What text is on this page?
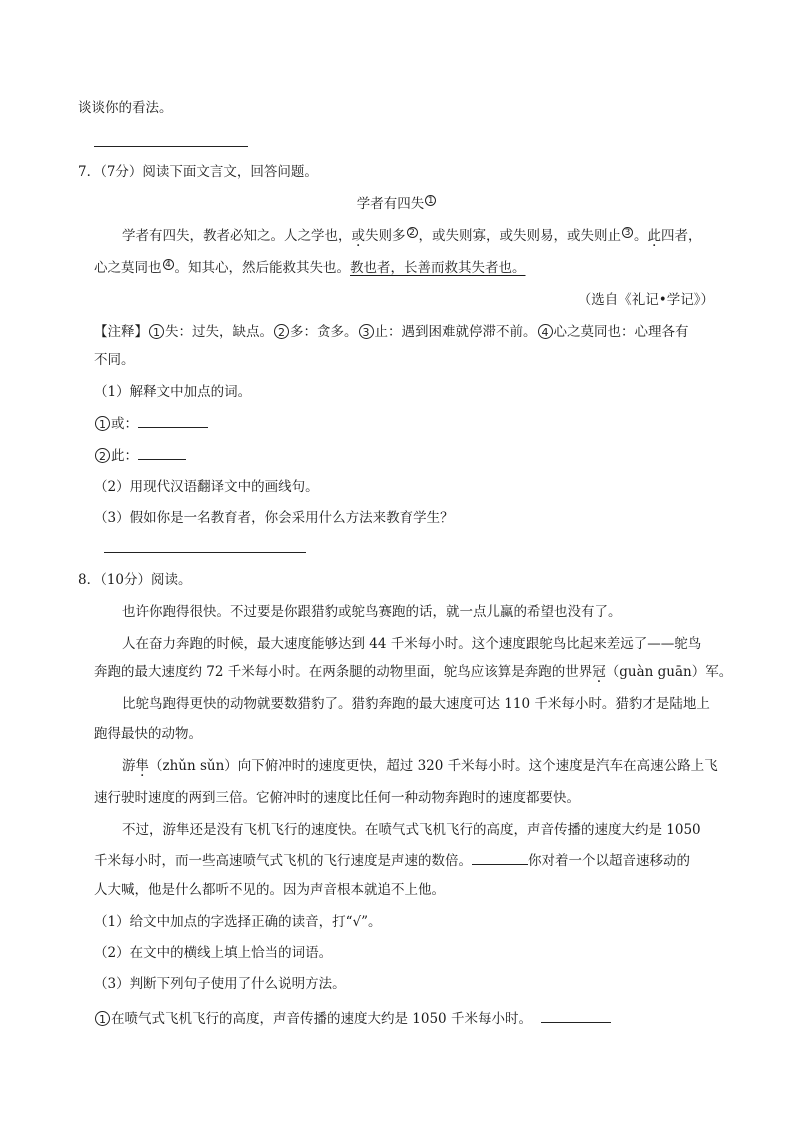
谈谈你的看法。
7．（7分）阅读下面文言文，回答问题。
学者有四失 1
学者有四失，教者必知之。人之学也，或失则多 2 ，或失则寡，或失则易，或失则止 3 。此四者，
心之莫同也 4 。知其心，然后能救其失也。教也者，长善而救其失者也。
（选自《礼记•学记》）
【注释】 1 失：过失，缺点。 2 多：贪多。 3 止：遇到困难就停滞不前。 4 心之莫同也：心理各有
不同。
（1）解释文中加点的词。
1 或：
2 此：
（2）用现代汉语翻译文中的画线句。
（3）假如你是一名教育者，你会采用什么方法来教育学生？
8．（10分）阅读。
也许你跑得很快。不过要是你跟猎豹或鸵鸟赛跑的话，就一点儿赢的希望也没有了。
人在奋力奔跑的时候，最大速度能够达到 44 千米每小时。这个速度跟鸵鸟比起来差远了——鸵鸟
奔跑的最大速度约 72 千米每小时。在两条腿的动物里面，鸵鸟应该算是奔跑的世界冠（guàn guān）军。
比鸵鸟跑得更快的动物就要数猎豹了。猎豹奔跑的最大速度可达 110 千米每小时。猎豹才是陆地上
跑得最快的动物。
游隼（zhǔn sǔn）向下俯冲时的速度更快，超过 320 千米每小时。这个速度是汽车在高速公路上飞
速行驶时速度的两到三倍。它俯冲时的速度比任何一种动物奔跑时的速度都要快。
不过，游隼还是没有飞机飞行的速度快。在喷气式飞机飞行的高度，声音传播的速度大约是 1050
千米每小时，而一些高速喷气式飞机的飞行速度是声速的数倍。	你对着一个以超音速移动的
人大喊，他是什么都听不见的。因为声音根本就追不上他。
（1）给文中加点的字选择正确的读音，打“√”。
（2）在文中的横线上填上恰当的词语。
（3）判断下列句子使用了什么说明方法。
1 在喷气式飞机飞行的高度，声音传播的速度大约是 1050 千米每小时。
